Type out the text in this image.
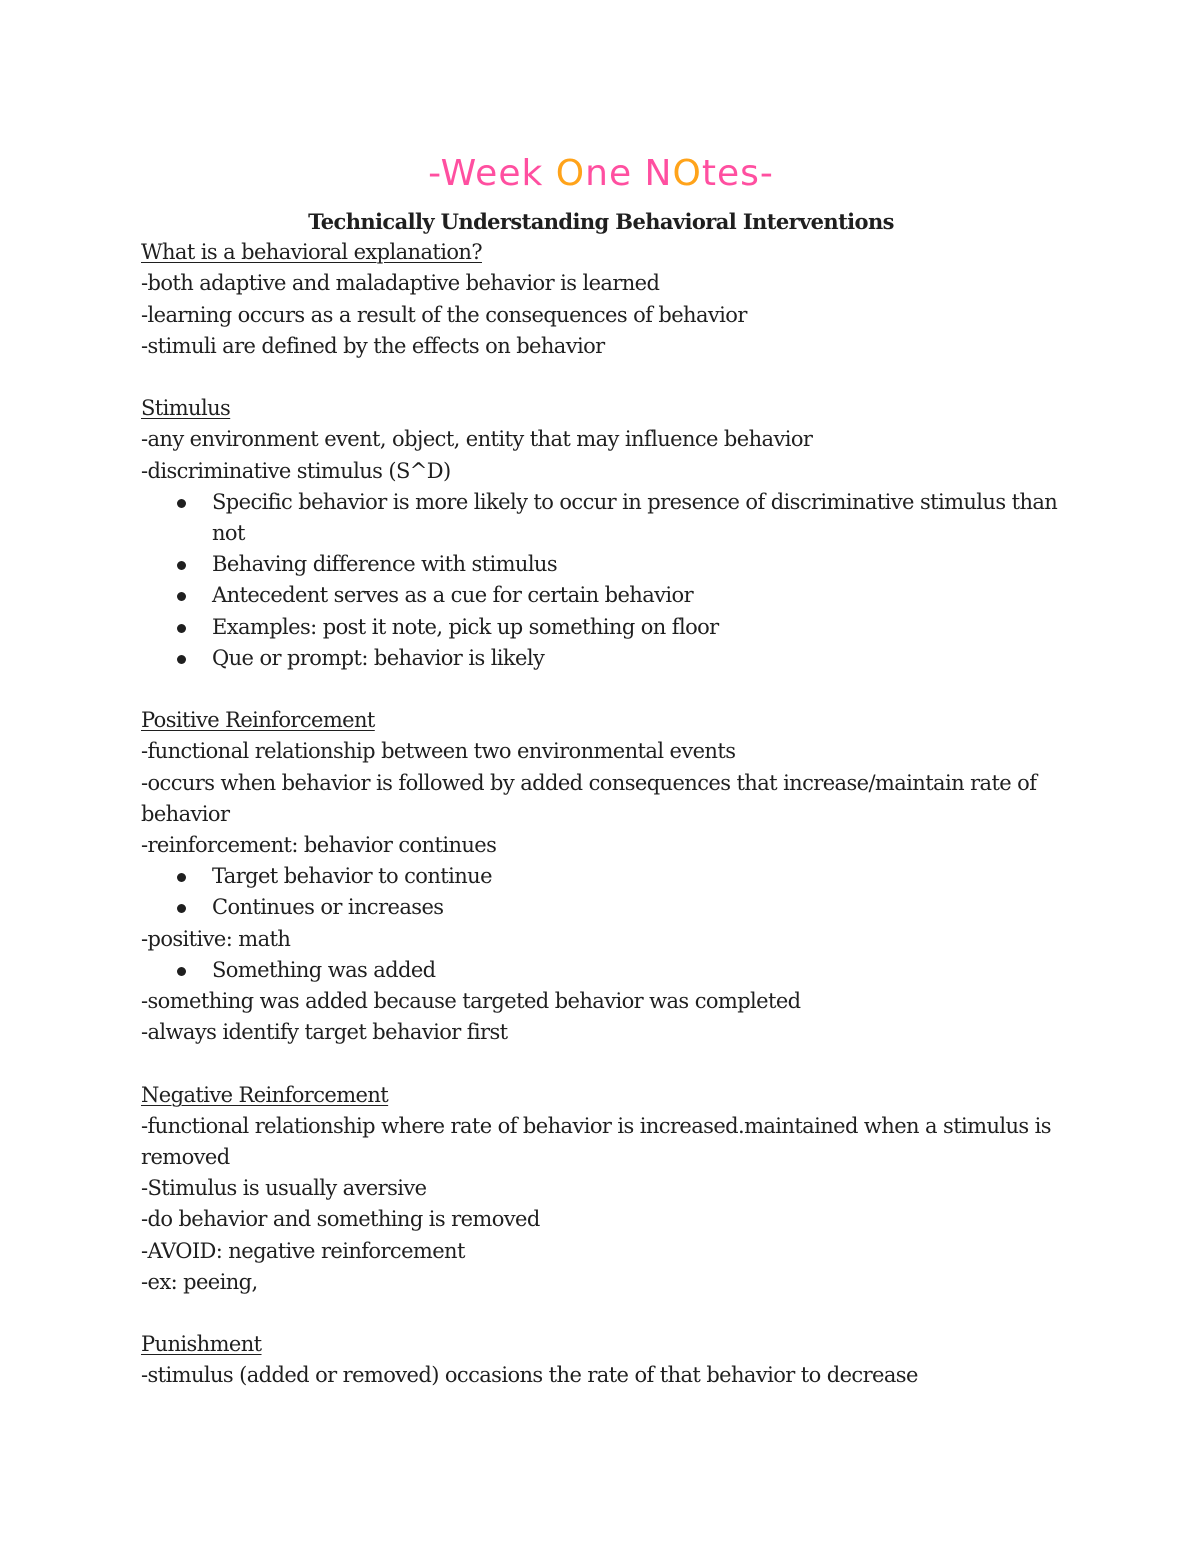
-Week One NOtes-

Technically Understanding Behavioral Interventions

What is a behavioral explanation?

-both adaptive and maladaptive behavior is learned

-learning occurs as a result of the consequences of behavior

-stimuli are defined by the effects on behavior

Stimulus

-any environment event, object, entity that may influence behavior

-discriminative stimulus (S^D)

Specific behavior is more likely to occur in presence of discriminative stimulus than not
Behaving difference with stimulus
Antecedent serves as a cue for certain behavior
Examples: post it note, pick up something on floor
Que or prompt: behavior is likely

Positive Reinforcement

-functional relationship between two environmental events

-occurs when behavior is followed by added consequences that increase/maintain rate of behavior

-reinforcement: behavior continues

Target behavior to continue
Continues or increases

-positive: math

Something was added

-something was added because targeted behavior was completed

-always identify target behavior first

Negative Reinforcement

-functional relationship where rate of behavior is increased.maintained when a stimulus is removed

-Stimulus is usually aversive

-do behavior and something is removed

-AVOID: negative reinforcement

-ex: peeing,

Punishment

-stimulus (added or removed) occasions the rate of that behavior to decrease
